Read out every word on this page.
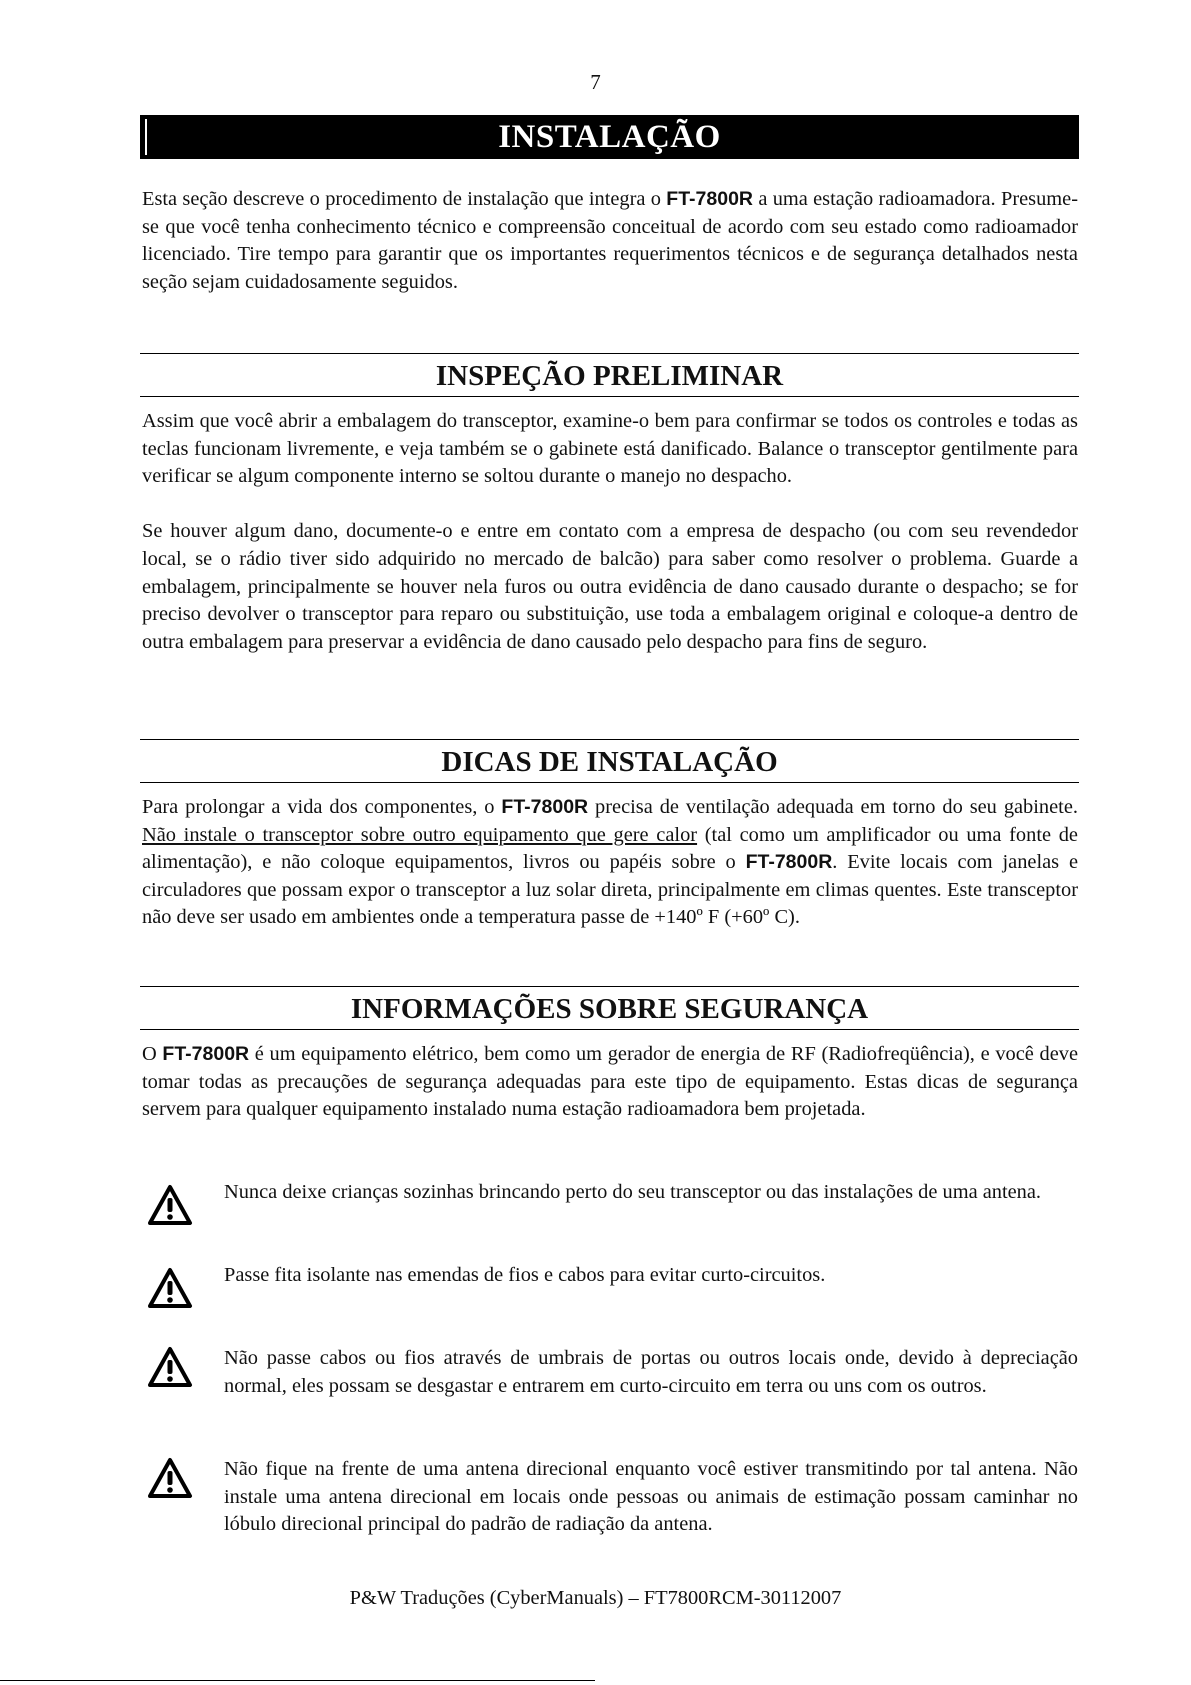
7
INSTALAÇÃO

Esta seção descreve o procedimento de instalação que integra o FT-7800R a uma estação radioamadora. Presume-se que você tenha conhecimento técnico e compreensão conceitual de acordo com seu estado como radioamador licenciado. Tire tempo para garantir que os importantes requerimentos técnicos e de segurança detalhados nesta seção sejam cuidadosamente seguidos.

INSPEÇÃO PRELIMINAR

Assim que você abrir a embalagem do transceptor, examine-o bem para confirmar se todos os controles e todas as teclas funcionam livremente, e veja também se o gabinete está danificado. Balance o transceptor gentilmente para verificar se algum componente interno se soltou durante o manejo no despacho.

Se houver algum dano, documente-o e entre em contato com a empresa de despacho (ou com seu revendedor local, se o rádio tiver sido adquirido no mercado de balcão) para saber como resolver o problema. Guarde a embalagem, principalmente se houver nela furos ou outra evidência de dano causado durante o despacho; se for preciso devolver o transceptor para reparo ou substituição, use toda a embalagem original e coloque-a dentro de outra embalagem para preservar a evidência de dano causado pelo despacho para fins de seguro.

DICAS DE INSTALAÇÃO

Para prolongar a vida dos componentes, o FT-7800R precisa de ventilação adequada em torno do seu gabinete. Não instale o transceptor sobre outro equipamento que gere calor (tal como um amplificador ou uma fonte de alimentação), e não coloque equipamentos, livros ou papéis sobre o FT-7800R. Evite locais com janelas e circuladores que possam expor o transceptor a luz solar direta, principalmente em climas quentes. Este transceptor não deve ser usado em ambientes onde a temperatura passe de +140º F (+60º C).

INFORMAÇÕES SOBRE SEGURANÇA

O FT-7800R é um equipamento elétrico, bem como um gerador de energia de RF (Radiofreqüência), e você deve tomar todas as precauções de segurança adequadas para este tipo de equipamento. Estas dicas de segurança servem para qualquer equipamento instalado numa estação radioamadora bem projetada.

Nunca deixe crianças sozinhas brincando perto do seu transceptor ou das instalações de uma antena.

Passe fita isolante nas emendas de fios e cabos para evitar curto-circuitos.

Não passe cabos ou fios através de umbrais de portas ou outros locais onde, devido à depreciação normal, eles possam se desgastar e entrarem em curto-circuito em terra ou uns com os outros.

Não fique na frente de uma antena direcional enquanto você estiver transmitindo por tal antena. Não instale uma antena direcional em locais onde pessoas ou animais de estimação possam caminhar no lóbulo direcional principal do padrão de radiação da antena.

P&W Traduções (CyberManuals) – FT7800RCM-30112007
